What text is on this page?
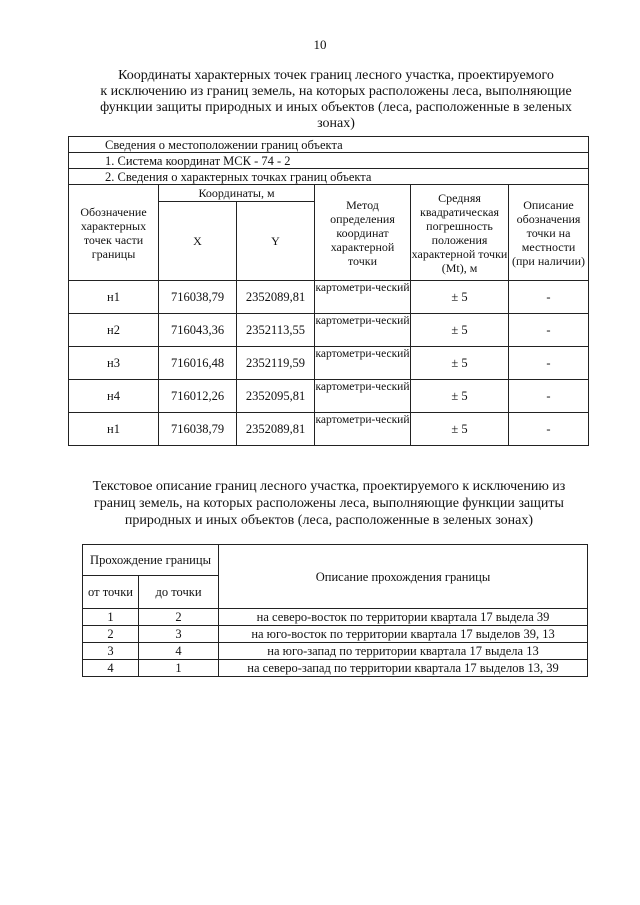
10
Координаты характерных точек границ лесного участка, проектируемого
к исключению из границ земель, на которых расположены леса, выполняющие
функции защиты природных и иных объектов (леса, расположенные в зеленых
зонах)
Сведения о местоположении границ объекта					
1. Система координат МСК - 74 - 2					
2. Сведения о характерных точках границ объекта					
Обозначение характерных точек части границы	Координаты, м		Метод определения координат характерной точки	Средняя квадратическая погрешность положения характерной точки (Mt), м	Описание обозначения точки на местности (при наличии)
	X	Y			
н1	716038,79	2352089,81	картометри-ческий	± 5	-
н2	716043,36	2352113,55	картометри-ческий	± 5	-
н3	716016,48	2352119,59	картометри-ческий	± 5	-
н4	716012,26	2352095,81	картометри-ческий	± 5	-
н1	716038,79	2352089,81	картометри-ческий	± 5	-
Текстовое описание границ лесного участка, проектируемого к исключению из
границ земель, на которых расположены леса, выполняющие функции защиты
природных и иных объектов (леса, расположенные в зеленых зонах)
Прохождение границы		Описание прохождения границы
от точки	до точки	
1	2	на северо-восток по территории квартала 17 выдела 39
2	3	на юго-восток по территории квартала 17 выделов 39, 13
3	4	на юго-запад по территории квартала 17 выдела 13
4	1	на северо-запад по территории квартала 17 выделов 13, 39
